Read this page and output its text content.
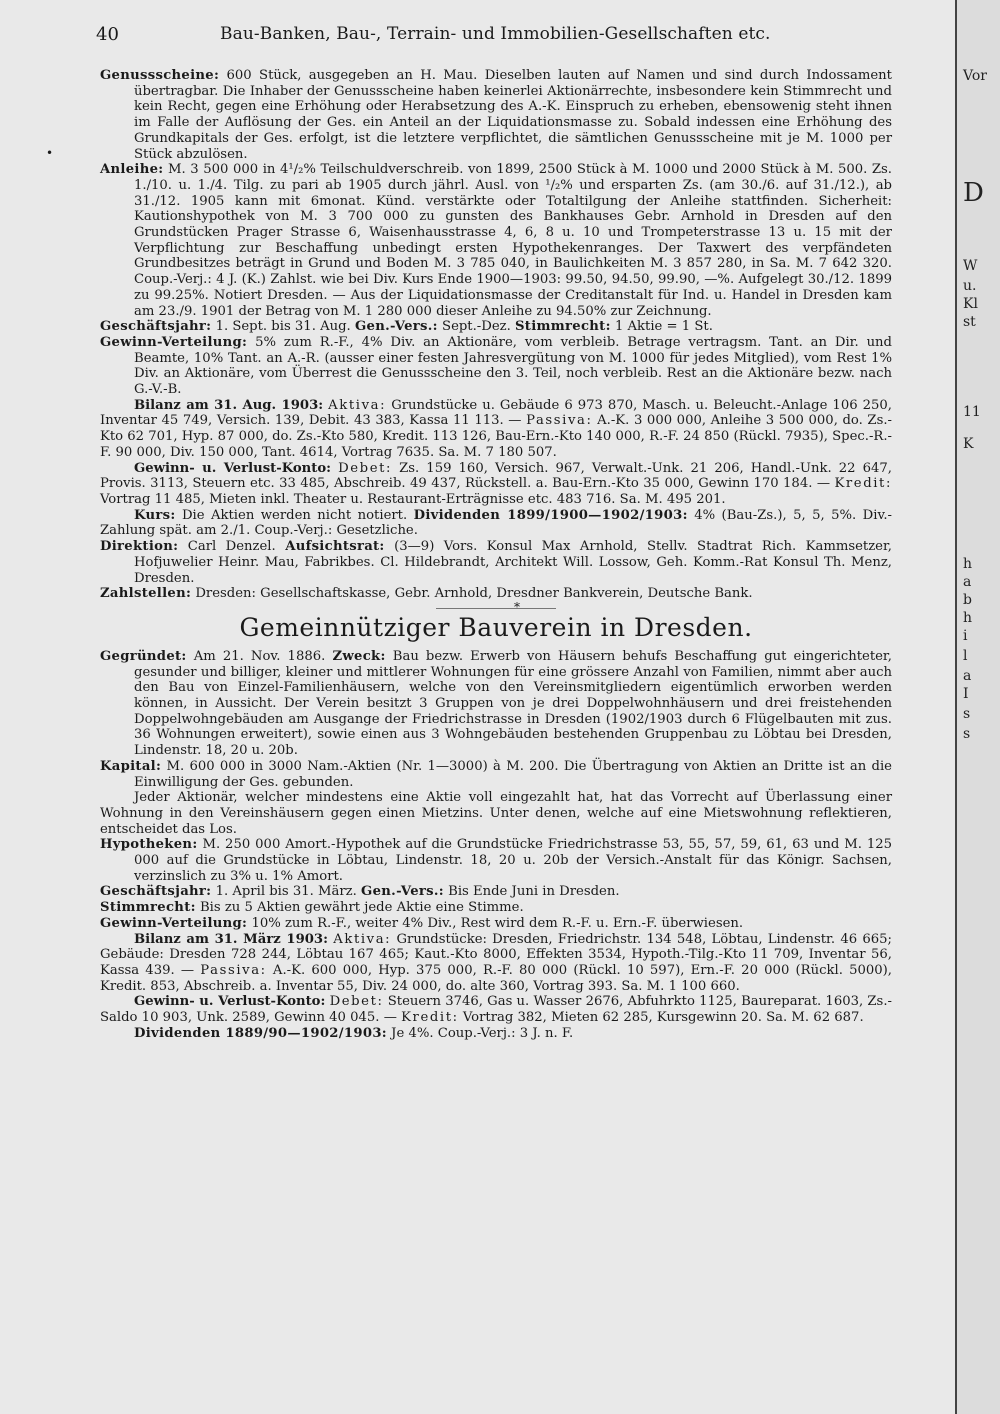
•
40	Bau-Banken, Bau-, Terrain- und Immobilien-Gesellschaften etc.

Genussscheine: 600 Stück, ausgegeben an H. Mau. Dieselben lauten auf Namen und sind durch Indossament übertragbar. Die Inhaber der Genussscheine haben keinerlei Aktionärrechte, insbesondere kein Stimmrecht und kein Recht, gegen eine Erhöhung oder Herabsetzung des A.-K. Einspruch zu erheben, ebensowenig steht ihnen im Falle der Auflösung der Ges. ein Anteil an der Liquidationsmasse zu. Sobald indessen eine Erhöhung des Grundkapitals der Ges. erfolgt, ist die letztere verpflichtet, die sämtlichen Genussscheine mit je M. 1000 per Stück abzulösen.

Anleihe: M. 3 500 000 in 4¹/₂% Teilschuldverschreib. von 1899, 2500 Stück à M. 1000 und 2000 Stück à M. 500. Zs. 1./10. u. 1./4. Tilg. zu pari ab 1905 durch jährl. Ausl. von ¹/₂% und ersparten Zs. (am 30./6. auf 31./12.), ab 31./12. 1905 kann mit 6monat. Künd. verstärkte oder Totaltilgung der Anleihe stattfinden. Sicherheit: Kautionshypothek von M. 3 700 000 zu gunsten des Bankhauses Gebr. Arnhold in Dresden auf den Grundstücken Prager Strasse 6, Waisenhausstrasse 4, 6, 8 u. 10 und Trompeterstrasse 13 u. 15 mit der Verpflichtung zur Beschaffung unbedingt ersten Hypothekenranges. Der Taxwert des verpfändeten Grundbesitzes beträgt in Grund und Boden M. 3 785 040, in Baulichkeiten M. 3 857 280, in Sa. M. 7 642 320. Coup.-Verj.: 4 J. (K.) Zahlst. wie bei Div. Kurs Ende 1900—1903: 99.50, 94.50, 99.90, —%. Aufgelegt 30./12. 1899 zu 99.25%. Notiert Dresden. — Aus der Liquidationsmasse der Creditanstalt für Ind. u. Handel in Dresden kam am 23./9. 1901 der Betrag von M. 1 280 000 dieser Anleihe zu 94.50% zur Zeichnung.

Geschäftsjahr: 1. Sept. bis 31. Aug. Gen.-Vers.: Sept.-Dez. Stimmrecht: 1 Aktie = 1 St.

Gewinn-Verteilung: 5% zum R.-F., 4% Div. an Aktionäre, vom verbleib. Betrage vertragsm. Tant. an Dir. und Beamte, 10% Tant. an A.-R. (ausser einer festen Jahresvergütung von M. 1000 für jedes Mitglied), vom Rest 1% Div. an Aktionäre, vom Überrest die Genussscheine den 3. Teil, noch verbleib. Rest an die Aktionäre bezw. nach G.-V.-B.

Bilanz am 31. Aug. 1903: Aktiva: Grundstücke u. Gebäude 6 973 870, Masch. u. Beleucht.-Anlage 106 250, Inventar 45 749, Versich. 139, Debit. 43 383, Kassa 11 113. — Passiva: A.-K. 3 000 000, Anleihe 3 500 000, do. Zs.-Kto 62 701, Hyp. 87 000, do. Zs.-Kto 580, Kredit. 113 126, Bau-Ern.-Kto 140 000, R.-F. 24 850 (Rückl. 7935), Spec.-R.-F. 90 000, Div. 150 000, Tant. 4614, Vortrag 7635. Sa. M. 7 180 507.

Gewinn- u. Verlust-Konto: Debet: Zs. 159 160, Versich. 967, Verwalt.-Unk. 21 206, Handl.-Unk. 22 647, Provis. 3113, Steuern etc. 33 485, Abschreib. 49 437, Rückstell. a. Bau-Ern.-Kto 35 000, Gewinn 170 184. — Kredit: Vortrag 11 485, Mieten inkl. Theater u. Restaurant-Erträgnisse etc. 483 716. Sa. M. 495 201.

Kurs: Die Aktien werden nicht notiert. Dividenden 1899/1900—1902/1903: 4% (Bau-Zs.), 5, 5, 5%. Div.-Zahlung spät. am 2./1. Coup.-Verj.: Gesetzliche.

Direktion: Carl Denzel. Aufsichtsrat: (3—9) Vors. Konsul Max Arnhold, Stellv. Stadtrat Rich. Kammsetzer, Hofjuwelier Heinr. Mau, Fabrikbes. Cl. Hildebrandt, Architekt Will. Lossow, Geh. Komm.-Rat Konsul Th. Menz, Dresden.

Zahlstellen: Dresden: Gesellschaftskasse, Gebr. Arnhold, Dresdner Bankverein, Deutsche Bank.

*
Gemeinnütziger Bauverein in Dresden.

Gegründet: Am 21. Nov. 1886. Zweck: Bau bezw. Erwerb von Häusern behufs Beschaffung gut eingerichteter, gesunder und billiger, kleiner und mittlerer Wohnungen für eine grössere Anzahl von Familien, nimmt aber auch den Bau von Einzel-Familienhäusern, welche von den Vereinsmitgliedern eigentümlich erworben werden können, in Aussicht. Der Verein besitzt 3 Gruppen von je drei Doppelwohnhäusern und drei freistehenden Doppelwohngebäuden am Ausgange der Friedrichstrasse in Dresden (1902/1903 durch 6 Flügelbauten mit zus. 36 Wohnungen erweitert), sowie einen aus 3 Wohngebäuden bestehenden Gruppenbau zu Löbtau bei Dresden, Lindenstr. 18, 20 u. 20b.

Kapital: M. 600 000 in 3000 Nam.-Aktien (Nr. 1—3000) à M. 200. Die Übertragung von Aktien an Dritte ist an die Einwilligung der Ges. gebunden.

Jeder Aktionär, welcher mindestens eine Aktie voll eingezahlt hat, hat das Vorrecht auf Überlassung einer Wohnung in den Vereinshäusern gegen einen Mietzins. Unter denen, welche auf eine Mietswohnung reflektieren, entscheidet das Los.

Hypotheken: M. 250 000 Amort.-Hypothek auf die Grundstücke Friedrichstrasse 53, 55, 57, 59, 61, 63 und M. 125 000 auf die Grundstücke in Löbtau, Lindenstr. 18, 20 u. 20b der Versich.-Anstalt für das Königr. Sachsen, verzinslich zu 3% u. 1% Amort.

Geschäftsjahr: 1. April bis 31. März. Gen.-Vers.: Bis Ende Juni in Dresden.

Stimmrecht: Bis zu 5 Aktien gewährt jede Aktie eine Stimme.

Gewinn-Verteilung: 10% zum R.-F., weiter 4% Div., Rest wird dem R.-F. u. Ern.-F. überwiesen.

Bilanz am 31. März 1903: Aktiva: Grundstücke: Dresden, Friedrichstr. 134 548, Löbtau, Lindenstr. 46 665; Gebäude: Dresden 728 244, Löbtau 167 465; Kaut.-Kto 8000, Effekten 3534, Hypoth.-Tilg.-Kto 11 709, Inventar 56, Kassa 439. — Passiva: A.-K. 600 000, Hyp. 375 000, R.-F. 80 000 (Rückl. 10 597), Ern.-F. 20 000 (Rückl. 5000), Kredit. 853, Abschreib. a. Inventar 55, Div. 24 000, do. alte 360, Vortrag 393. Sa. M. 1 100 660.

Gewinn- u. Verlust-Konto: Debet: Steuern 3746, Gas u. Wasser 2676, Abfuhrkto 1125, Baureparat. 1603, Zs.-Saldo 10 903, Unk. 2589, Gewinn 40 045. — Kredit: Vortrag 382, Mieten 62 285, Kursgewinn 20. Sa. M. 62 687.

Dividenden 1889/90—1902/1903: Je 4%. Coup.-Verj.: 3 J. n. F.

Vor
D
W
u.
Kl
st
11
K
h
a
b
h
i
l
a
I
s
s
